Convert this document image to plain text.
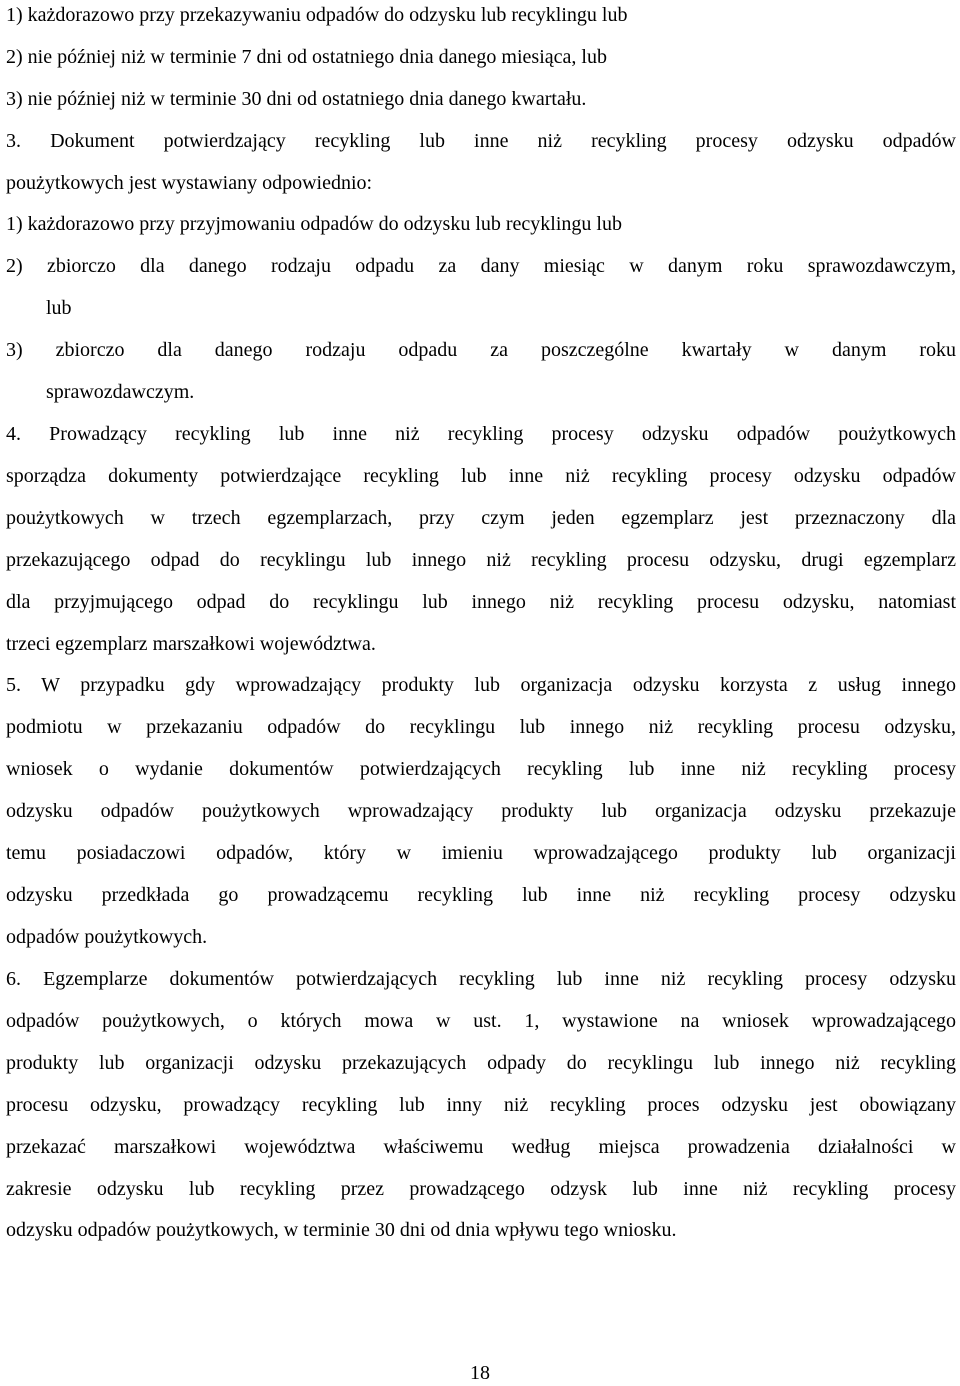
1) każdorazowo przy przekazywaniu odpadów do odzysku lub recyklingu lub
2) nie później niż w terminie 7 dni od ostatniego dnia danego miesiąca, lub
3) nie później niż w terminie 30 dni od ostatniego dnia danego kwartału.
3. Dokument potwierdzający recykling lub inne niż recykling procesy odzysku odpadów
poużytkowych jest wystawiany odpowiednio:
1) każdorazowo przy przyjmowaniu odpadów do odzysku lub recyklingu lub
2) zbiorczo dla danego rodzaju odpadu za dany miesiąc w danym roku sprawozdawczym,
lub
3) zbiorczo dla danego rodzaju odpadu za poszczególne kwartały w danym roku
sprawozdawczym.
4. Prowadzący recykling lub inne niż recykling procesy odzysku odpadów poużytkowych
sporządza dokumenty potwierdzające recykling lub inne niż recykling procesy odzysku odpadów
poużytkowych w trzech egzemplarzach, przy czym jeden egzemplarz jest przeznaczony dla
przekazującego odpad do recyklingu lub innego niż recykling procesu odzysku, drugi egzemplarz
dla przyjmującego odpad do recyklingu lub innego niż recykling procesu odzysku, natomiast
trzeci egzemplarz marszałkowi województwa.
5. W przypadku gdy wprowadzający produkty lub organizacja odzysku korzysta z usług innego
podmiotu w przekazaniu odpadów do recyklingu lub innego niż recykling procesu odzysku,
wniosek o wydanie dokumentów potwierdzających recykling lub inne niż recykling procesy
odzysku odpadów poużytkowych wprowadzający produkty lub organizacja odzysku przekazuje
temu posiadaczowi odpadów, który w imieniu wprowadzającego produkty lub organizacji
odzysku przedkłada go prowadzącemu recykling lub inne niż recykling procesy odzysku
odpadów poużytkowych.
6. Egzemplarze dokumentów potwierdzających recykling lub inne niż recykling procesy odzysku
odpadów poużytkowych, o których mowa w ust. 1, wystawione na wniosek wprowadzającego
produkty lub organizacji odzysku przekazujących odpady do recyklingu lub innego niż recykling
procesu odzysku, prowadzący recykling lub inny niż recykling proces odzysku jest obowiązany
przekazać marszałkowi województwa właściwemu według miejsca prowadzenia działalności w
zakresie odzysku lub recykling przez prowadzącego odzysk lub inne niż recykling procesy
odzysku odpadów poużytkowych, w terminie 30 dni od dnia wpływu tego wniosku.
18
